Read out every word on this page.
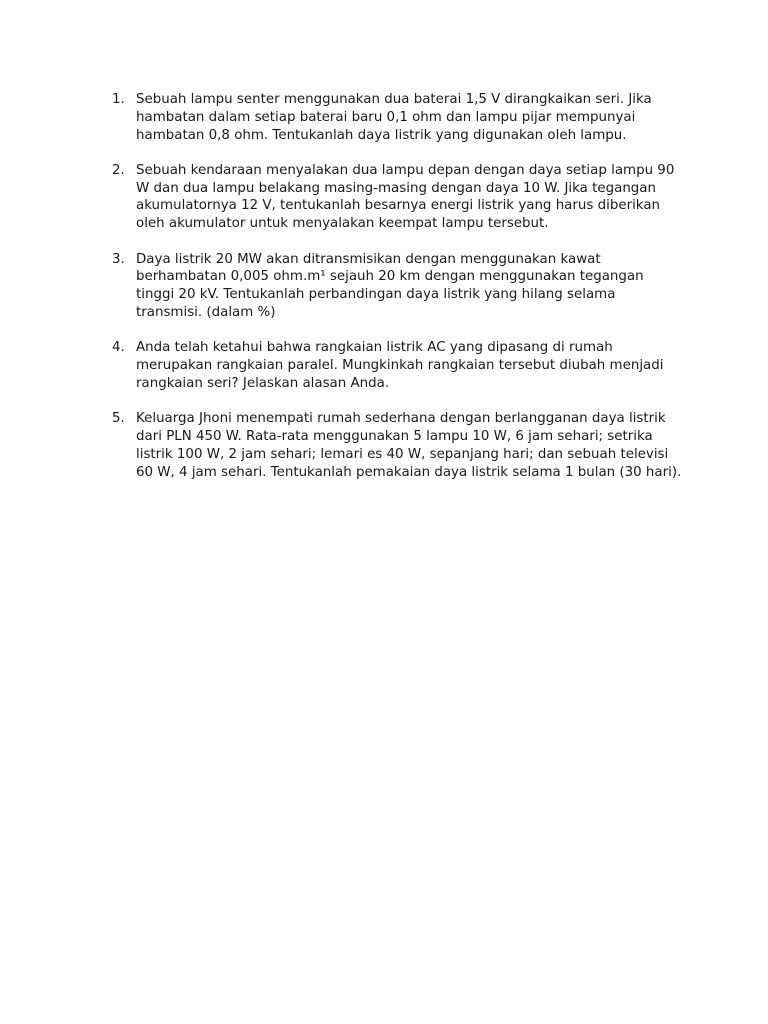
1. Sebuah lampu senter menggunakan dua baterai 1,5 V dirangkaikan seri. Jika hambatan dalam setiap baterai baru 0,1 ohm dan lampu pijar mempunyai hambatan 0,8 ohm. Tentukanlah daya listrik yang digunakan oleh lampu.
2. Sebuah kendaraan menyalakan dua lampu depan dengan daya setiap lampu 90 W dan dua lampu belakang masing-masing dengan daya 10 W. Jika tegangan akumulatornya 12 V, tentukanlah besarnya energi listrik yang harus diberikan oleh akumulator untuk menyalakan keempat lampu tersebut.
3. Daya listrik 20 MW akan ditransmisikan dengan menggunakan kawat berhambatan 0,005 ohm.m¹ sejauh 20 km dengan menggunakan tegangan tinggi 20 kV. Tentukanlah perbandingan daya listrik yang hilang selama transmisi. (dalam %)
4. Anda telah ketahui bahwa rangkaian listrik AC yang dipasang di rumah merupakan rangkaian paralel. Mungkinkah rangkaian tersebut diubah menjadi rangkaian seri? Jelaskan alasan Anda.
5. Keluarga Jhoni menempati rumah sederhana dengan berlangganan daya listrik dari PLN 450 W. Rata-rata menggunakan 5 lampu 10 W, 6 jam sehari; setrika listrik 100 W, 2 jam sehari; lemari es 40 W, sepanjang hari; dan sebuah televisi 60 W, 4 jam sehari. Tentukanlah pemakaian daya listrik selama 1 bulan (30 hari).
